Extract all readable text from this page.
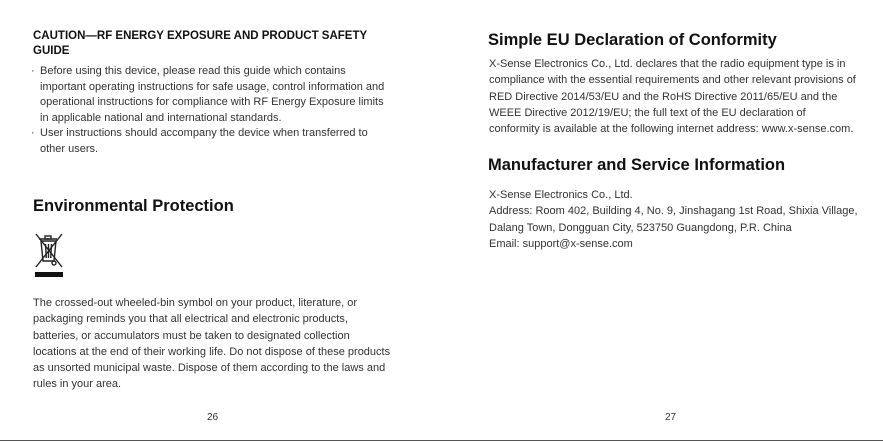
CAUTION—RF ENERGY EXPOSURE AND PRODUCT SAFETY GUIDE
· Before using this device, please read this guide which contains important operating instructions for safe usage, control information and operational instructions for compliance with RF Energy Exposure limits in applicable national and international standards.
· User instructions should accompany the device when transferred to other users.
Environmental Protection
The crossed-out wheeled-bin symbol on your product, literature, or packaging reminds you that all electrical and electronic products, batteries, or accumulators must be taken to designated collection locations at the end of their working life. Do not dispose of these products as unsorted municipal waste. Dispose of them according to the laws and rules in your area.
26
Simple EU Declaration of Conformity
X-Sense Electronics Co., Ltd. declares that the radio equipment type is in compliance with the essential requirements and other relevant provisions of RED Directive 2014/53/EU and the RoHS Directive 2011/65/EU and the WEEE Directive 2012/19/EU; the full text of the EU declaration of conformity is available at the following internet address: www.x-sense.com.
Manufacturer and Service Information
X-Sense Electronics Co., Ltd.
Address: Room 402, Building 4, No. 9, Jinshagang 1st Road, Shixia Village, Dalang Town, Dongguan City, 523750 Guangdong, P.R. China
Email: support@x-sense.com
27
